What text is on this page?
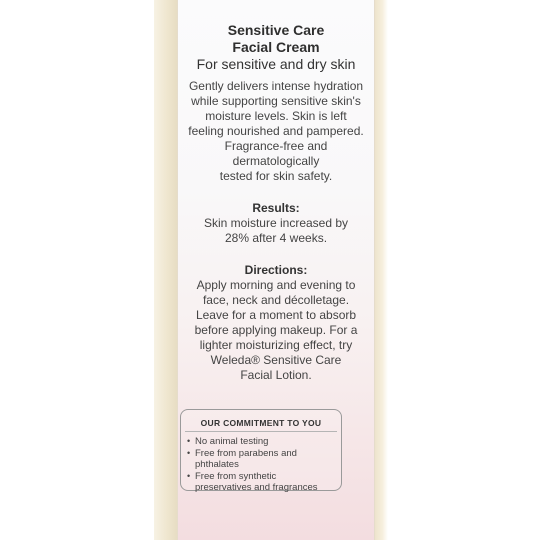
Sensitive Care

Facial Cream

For sensitive and dry skin

Gently delivers intense hydration

while supporting sensitive skin's

moisture levels. Skin is left

feeling nourished and pampered.

Fragrance-free and dermatologically

tested for skin safety.

Results:

Skin moisture increased by

28% after 4 weeks.

Directions:

Apply morning and evening to

face, neck and décolletage.

Leave for a moment to absorb

before applying makeup. For a

lighter moisturizing effect, try

Weleda® Sensitive Care

Facial Lotion.

OUR COMMITMENT TO YOU

• No animal testing
• Free from parabens and phthalates
• Free from synthetic
preservatives and fragrances
